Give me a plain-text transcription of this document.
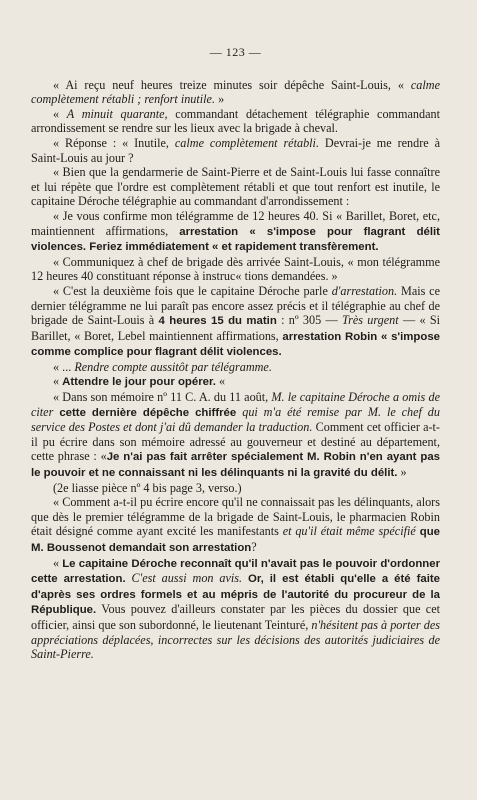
— 123 —

« Ai reçu neuf heures treize minutes soir dépêche Saint-Louis, « calme complètement rétabli ; renfort inutile. »

« A minuit quarante, commandant détachement télégraphie commandant arrondissement se rendre sur les lieux avec la brigade à cheval.

« Réponse : « Inutile, calme complètement rétabli. Devrai-je me rendre à Saint-Louis au jour ?

« Bien que la gendarmerie de Saint-Pierre et de Saint-Louis lui fasse connaître et lui répète que l'ordre est complètement rétabli et que tout renfort est inutile, le capitaine Déroche télégraphie au commandant d'arrondissement :

« Je vous confirme mon télégramme de 12 heures 40. Si « Barillet, Boret, etc, maintiennent affirmations, arrestation « s'impose pour flagrant délit violences. Feriez immédiatement « et rapidement transfèrement.

« Communiquez à chef de brigade dès arrivée Saint-Louis, « mon télégramme 12 heures 40 constituant réponse à instruc« tions demandées. »

« C'est la deuxième fois que le capitaine Déroche parle d'arrestation. Mais ce dernier télégramme ne lui paraît pas encore assez précis et il télégraphie au chef de brigade de Saint-Louis à 4 heures 15 du matin : nº 305 — Très urgent — « Si Barillet, « Boret, Lebel maintiennent affirmations, arrestation Robin « s'impose comme complice pour flagrant délit violences.

« ... Rendre compte aussitôt par télégramme.

« Attendre le jour pour opérer. «

« Dans son mémoire nº 11 C. A. du 11 août, M. le capitaine Déroche a omis de citer cette dernière dépêche chiffrée qui m'a été remise par M. le chef du service des Postes et dont j'ai dû demander la traduction. Comment cet officier a-t-il pu écrire dans son mémoire adressé au gouverneur et destiné au département, cette phrase : «Je n'ai pas fait arrêter spécialement M. Robin n'en ayant pas le pouvoir et ne connaissant ni les délinquants ni la gravité du délit. »

(2e liasse pièce nº 4 bis page 3, verso.)

« Comment a-t-il pu écrire encore qu'il ne connaissait pas les délinquants, alors que dès le premier télégramme de la brigade de Saint-Louis, le pharmacien Robin était désigné comme ayant excité les manifestants et qu'il était même spécifié que M. Boussenot demandait son arrestation?

« Le capitaine Déroche reconnaît qu'il n'avait pas le pouvoir d'ordonner cette arrestation. C'est aussi mon avis. Or, il est établi qu'elle a été faite d'après ses ordres formels et au mépris de l'autorité du procureur de la République. Vous pouvez d'ailleurs constater par les pièces du dossier que cet officier, ainsi que son subordonné, le lieutenant Teinturé, n'hésitent pas à porter des appréciations déplacées, incorrectes sur les décisions des autorités judiciaires de Saint-Pierre.
